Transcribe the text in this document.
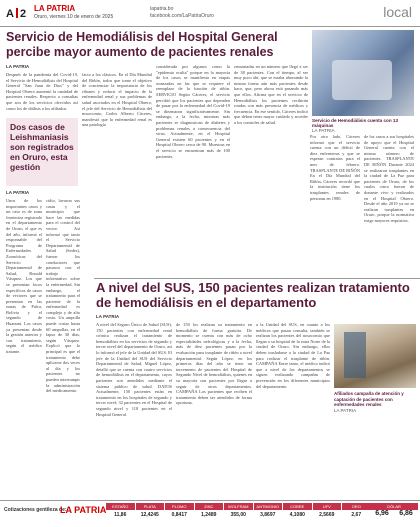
A 2 LA PATRIA
Oruro, viernes 10 de enero de 2025
lapatria.bo
facebook.com/LaPatriaOruro	local
Servicio de Hemodiálisis del Hospital General percibe mayor aumento de pacientes renales
LA PATRIA
Después de la pandemia del Covid-19, el Servicio de Hemodiálisis del Hospital General "San Juan de Dios" y del Hospital Obrero aumentó la cantidad de pacientes renales. Respecto a consultas que son de los servicios ofrecidos así como los de diálisis a los afiliados.
facto a los clásicos. En el Día Mundial del Riñón, todos que tome el objetivo de concienciar la importancia de los riñones y reducir el impacto de la enfermedad renal y sus problemas de salud asociados en el Hospital Obrero, el jefe del Servicio de Hemodiálisis del nosocomio, Carlos Alberto Cáceres, manifestó que la enfermedad renal es una patología
considerada por algunos como la "epidemia oculta" porque en la mayoría de los casos se manifiesta en etapas avanzadas en las que se requiere el reemplazo de la función de riñón. SERVICIO Según Cáceres, el servicio percibió que los pacientes que dependen de pasar por la enfermedad del Covid-19 se diezmaron significativamente. Sin embargo, a la fecha, mientras más pacientes se diagnostican de diabetes y problemas renales a consecuencia del virus. Actualmente, en el Hospital General existen 60 pacientes y en el Hospital Obrero cerca de 90. Muestras en el servicio se encuentran más de 100 pacientes.
remontadas en un número que llegó a ser de 38 pacientes. Con el tiempo, al ser muy poco ahí, que se estaba ahorrando la misma forma aún más pacientes desde hace, que, pero ahora está pasando más que ellos. Afirma que en el servicio de Hemodiálisis los pacientes recibirán rondas con más presencia de médicos y frecuencia. En ese sentido, Cáceres indicó que deben tener mayor cuidado y acceder a los controles de salud.
Por otro lado, Cáceres informó que el servicio cuenta con un déficit de diez enfermeras y que se esperan contratos para el mes de febrero. TRASPLANTE DE RIÑÓN En el Día Mundial del Riñón, Cáceres recordó que la institución tiene los trasplantes renales de personas en 1980.
de los casos a sus hospitales de apoyo que el Hospital General cuenta con el mismo número de pacientes. TRASPLANTE DE RIÑÓN Durante 2024 se realizaron trasplantes en la ciudad de La Paz para pacientes de Oruro, de los cuales cinco fueron de donante vivo y realizados en el Hospital Obrero. Desde el año 2019 ya no se realizan trasplantes en Oruro, porque la normativa exige mayores requisitos.
Servicio de Hemodiálisis cuenta con 13 máquinas
LA PATRIA
Dos casos de Leishmaniasis son registrados en Oruro, esta gestión
LA PATRIA
Unos de los importantes casos y un caso es de zona fronteriza registrado en el departamento de Oruro, el que es del año, informó el responsable del Programa de Enfermedades Zoonóticas del Servicio Departamental de Salud, Ronald Vásquez. Los que se presentan focos específicos de casos de vectores que se presentan en las zonas de Palca, Bolivia y el segundo de Huanuni. Los casos ya presentan desde la gestión anterior y con tratamiento, según el médico tratante.
cidio, lavaron sus casas y el municipio que hace las medidas para el control del vector. Así informó que tanto el Servicio Departamental de Salud (Sedes), fueron los conductores que pasaron con el trabajo informativo sobre la enfermedad. Sin embargo, el tratamiento para el paciente de la enfermedad es complejo y de alto costo. Un ampolla puede costar hasta 60 ampollas, en el lapso de 30 días, según Vásquez. Explicó que lo principal es que el tratamiento debe aplicarse dos veces al día y los pacientes no pueden interrumpir la administración del medicamento.
A nivel del SUS, 150 pacientes realizan tratamiento de hemodiálisis en el departamento
LA PATRIA
A nivel del Seguro Único de Salud (SUS), 150 pacientes con enfermedad renal crónica realizan el tratamiento de hemodiálisis en los servicios de segundo y tercer nivel del departamento de Oruro, así lo informó el jefe de la Unidad del SUS. El jefe de la Unidad del SUS del Servicio Departamental de Salud, Miguel López, detalló que se cuenta con cuatro servicios de hemodiálisis en el departamento, cuyos pacientes son atendidos mediante el sistema público de salud. DATOS Actualmente, 150 pacientes están en tratamiento en los hospitales de segundo y tercer nivel; 32 pacientes en el Hospital de segundo nivel y 118 pacientes en el Hospital General.
de 150 los realizan su tratamiento en hemodiálisis de forma gratuita. De momento se cuenta con más de ocho especialidades nefrológicas y a la fecha, más de diez pacientes pasan por la evaluación para trasplante de riñón a nivel departamental. Según López, en los primeros días del año se tiene un incremento de pacientes del Hospital de Segundo Nivel de hemodiálisis, quienes en su mayoría son pacientes por llegar a seguir de otros departamentos. CAMPAÑA Los pacientes que reciben el tratamiento deben ser atendidos de forma oportuna.
a la Unidad del SUS, en cuanto a los médicos que pasan consulta, también se realizan los pacientes del nosocomio que llegan a su hospital de la zona Norte de la ciudad de Oruro. Sin embargo, ellos deben trasladarse a la ciudad de La Paz para realizar el trasplante de riñón. CAMPAÑA Entre tanto, el médico indicó que a nivel de los departamentos se siguen realizando campañas de prevención en los diferentes municipios del departamento.
Afiliados campaña de atención y captación de pacientes con enfermedades renales
LA PATRIA
Cotizaciones gentileza de:
LA PATRIA	ESTAÑO
11,86
PLATA
12,4245
PLOMO
0,8417
ZINC
1,2489
WOLFRAM
355,00
ANTIMONIO
3,8697
COBRE
4,1080
UFV
2,5669
ORO
2,67
DÓLAR
6,96 6,86
